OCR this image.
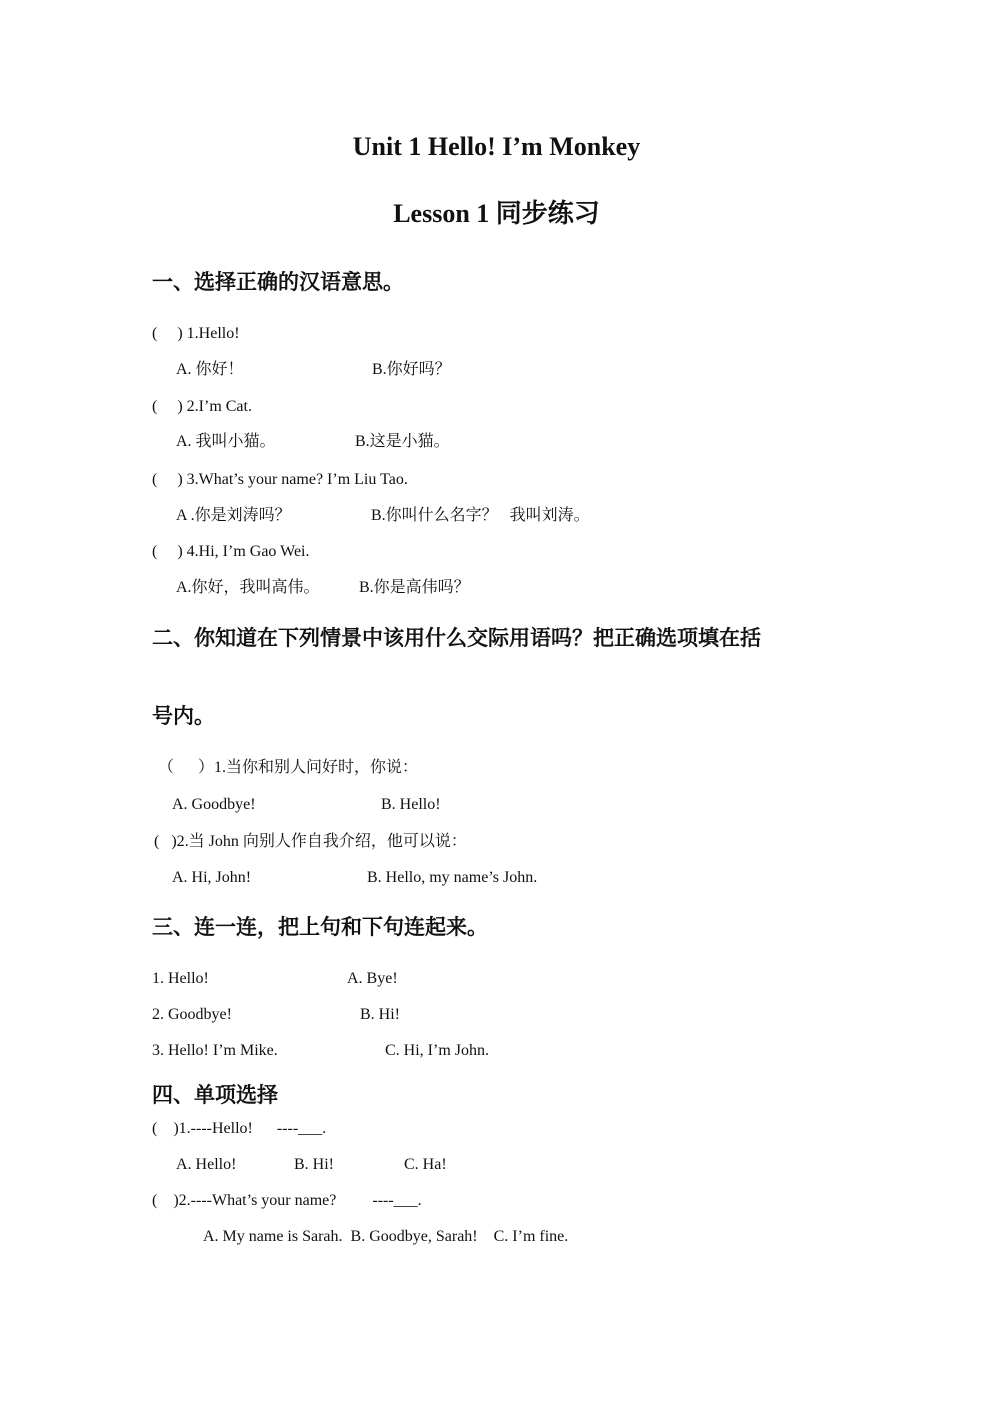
Unit 1 Hello! I’m Monkey
Lesson 1 同步练习
一、选择正确的汉语意思。
(     ) 1.Hello!
A. 你好！	B.你好吗？
(     ) 2.I’m Cat.
A. 我叫小猫。	B.这是小猫。
(     ) 3.What’s your name? I’m Liu Tao.
A .你是刘涛吗？	B.你叫什么名字？   我叫刘涛。
(     ) 4.Hi, I’m Gao Wei.
A.你好，我叫高伟。 B.你是高伟吗？
二、你知道在下列情景中该用什么交际用语吗？把正确选项填在括
号内。
（      ）1.当你和别人问好时，你说：
A. Goodbye!	B. Hello!
(   )2.当 John 向别人作自我介绍，他可以说：
A. Hi, John!	B. Hello, my name’s John.
三、连一连，把上句和下句连起来。
1. Hello!	A. Bye!
2. Goodbye!	B. Hi!
3. Hello! I’m Mike.	C. Hi, I’m John.
四、单项选择
(    )1.----Hello!      ----___.
A. Hello!	B. Hi!	C. Ha!
(    )2.----What’s your name?         ----___.
A. My name is Sarah.  B. Goodbye, Sarah!    C. I’m fine.
